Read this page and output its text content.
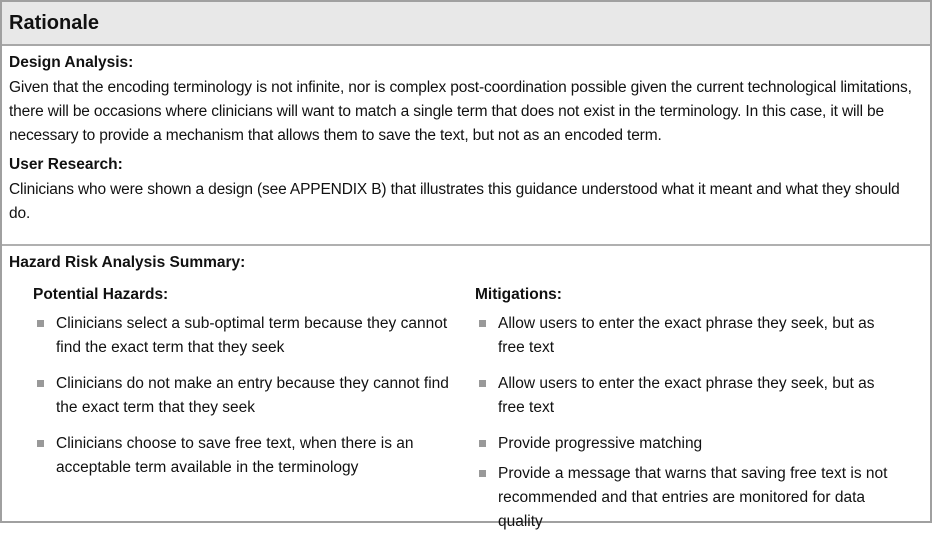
Rationale
Design Analysis:
Given that the encoding terminology is not infinite, nor is complex post-coordination possible given the current technological limitations, there will be occasions where clinicians will want to match a single term that does not exist in the terminology. In this case, it will be necessary to provide a mechanism that allows them to save the text, but not as an encoded term.
User Research:
Clinicians who were shown a design (see APPENDIX B) that illustrates this guidance understood what it meant and what they should do.
Hazard Risk Analysis Summary:
Potential Hazards:
Clinicians select a sub-optimal term because they cannot find the exact term that they seek
Clinicians do not make an entry because they cannot find the exact term that they seek
Clinicians choose to save free text, when there is an acceptable term available in the terminology
Mitigations:
Allow users to enter the exact phrase they seek, but as free text
Allow users to enter the exact phrase they seek, but as free text
Provide progressive matching
Provide a message that warns that saving free text is not recommended and that entries are monitored for data quality
